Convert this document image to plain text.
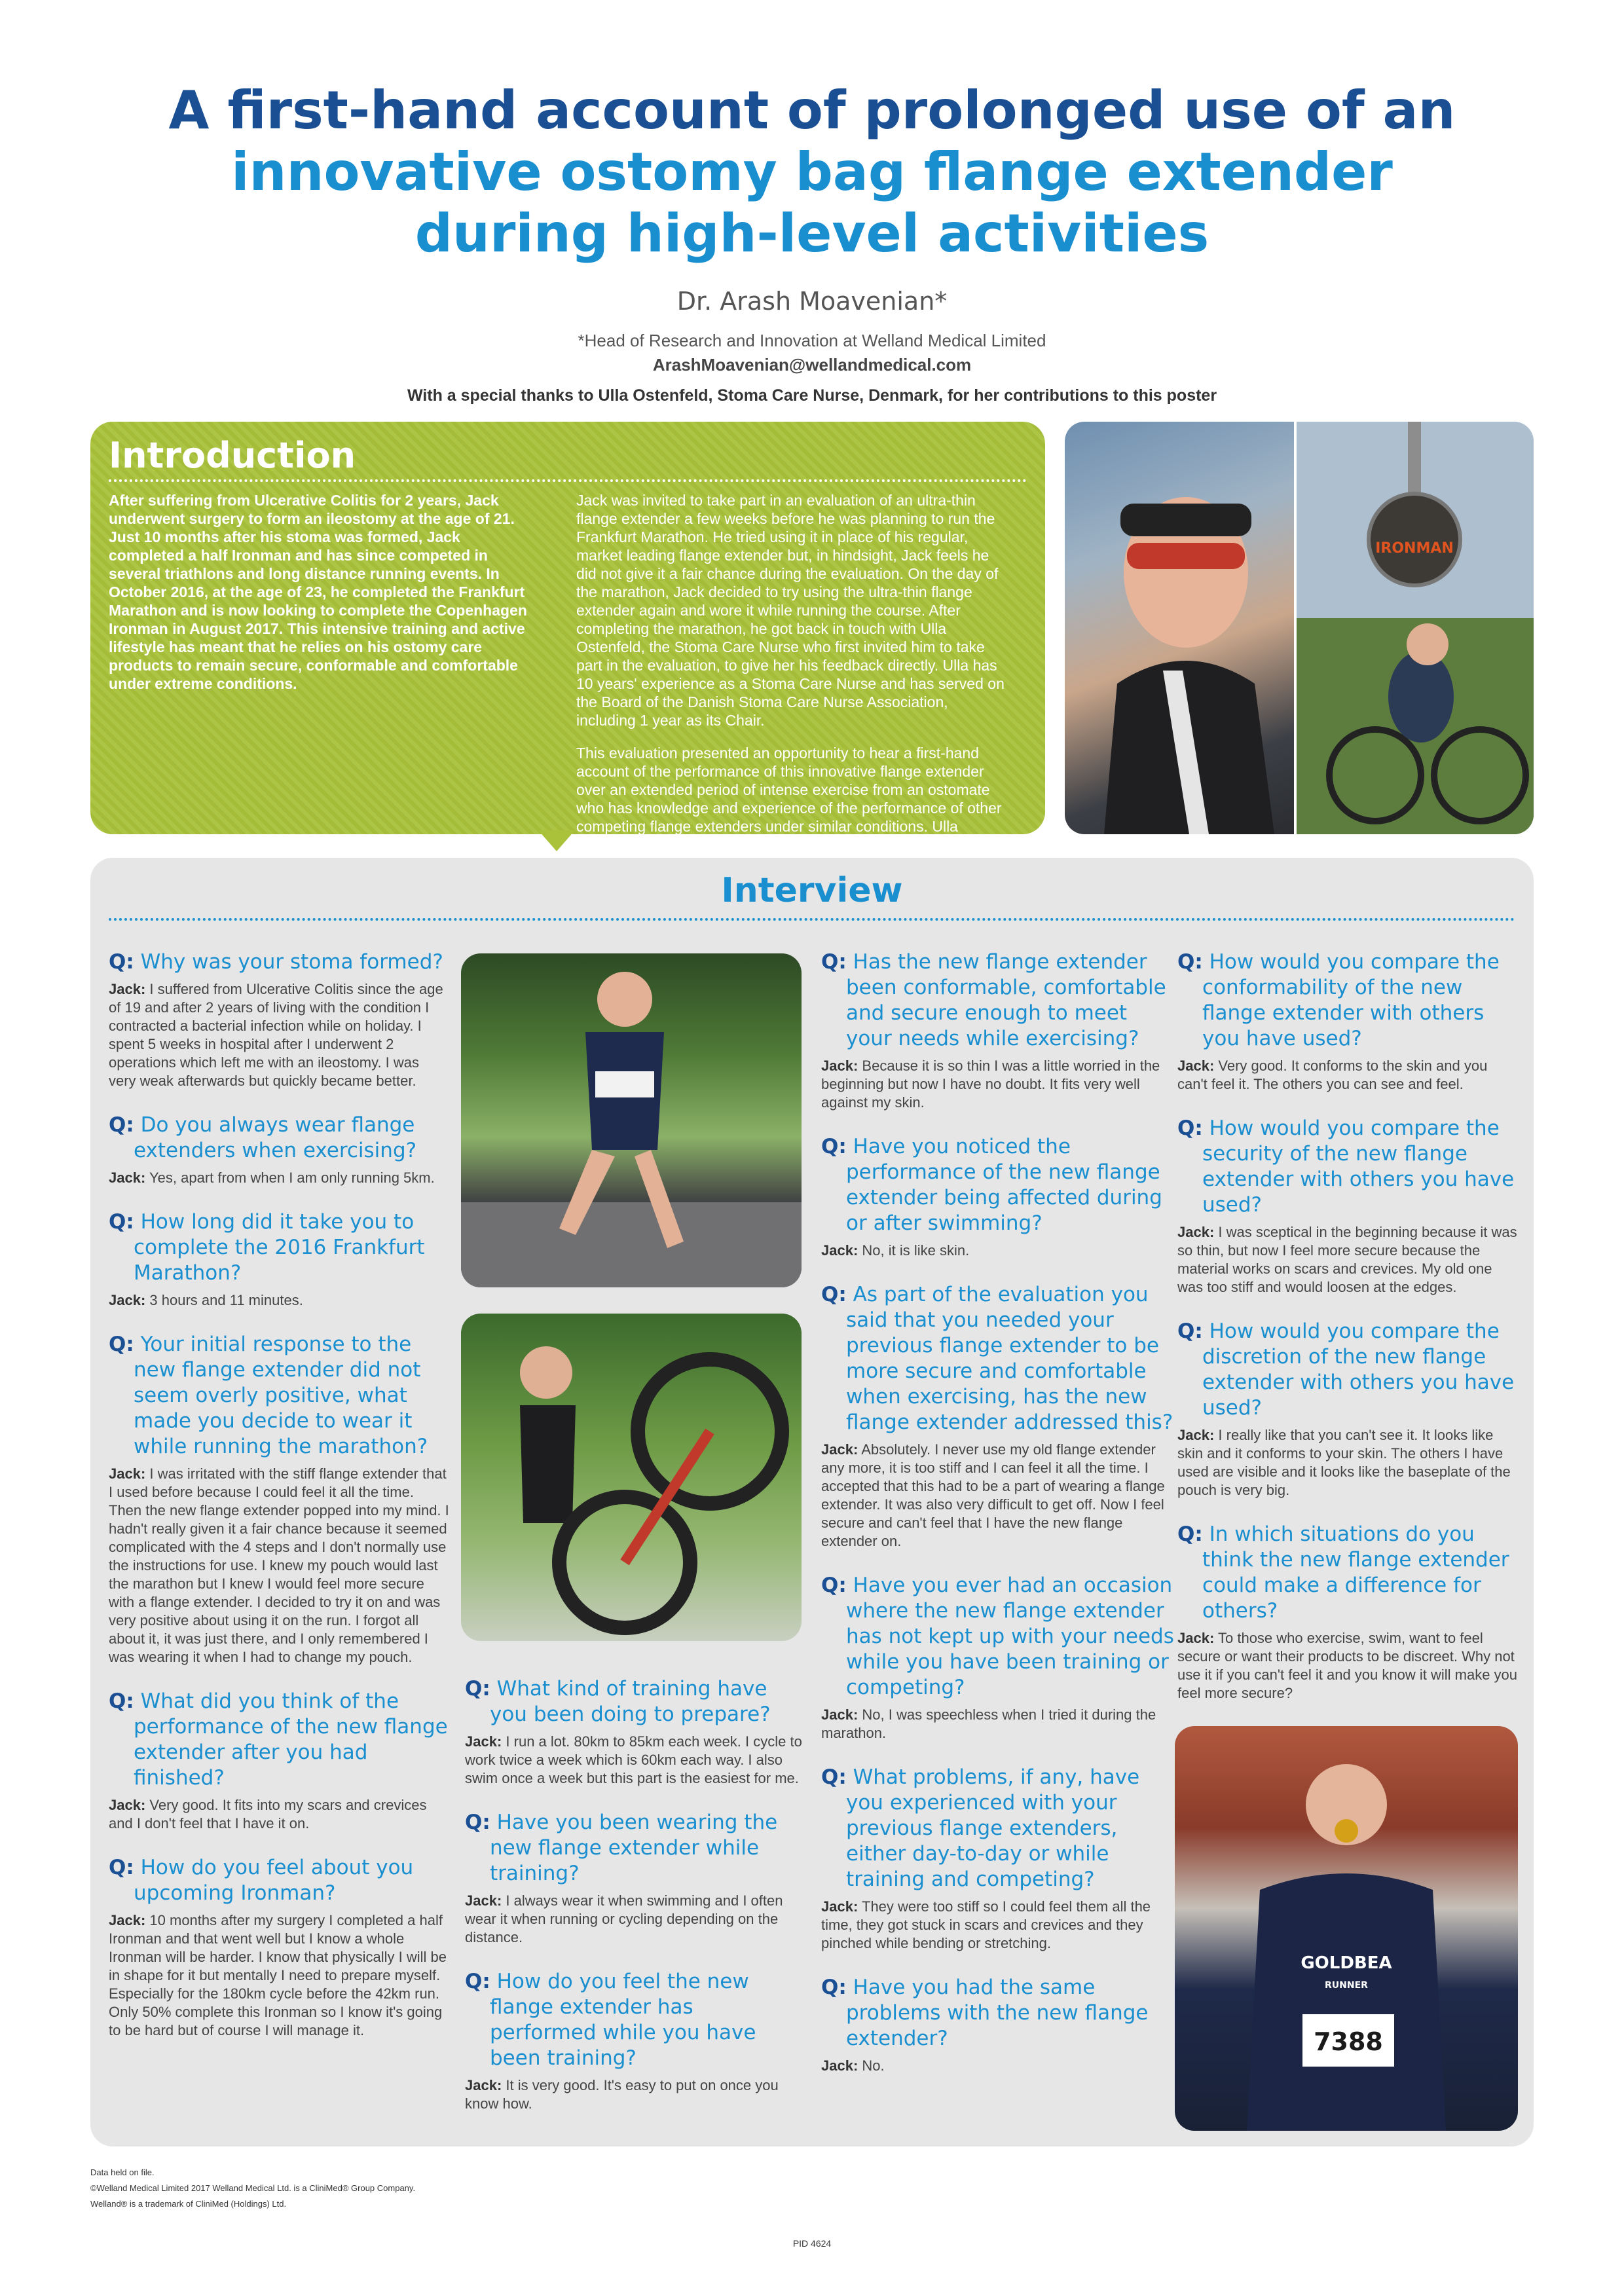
A first-hand account of prolonged use of an
innovative ostomy bag flange extender
during high-level activities
Dr. Arash Moavenian*
*Head of Research and Innovation at Welland Medical Limited
ArashMoavenian@wellandmedical.com
With a special thanks to Ulla Ostenfeld, Stoma Care Nurse, Denmark, for her contributions to this poster
Introduction

After suffering from Ulcerative Colitis for 2 years, Jack underwent surgery to form an ileostomy at the age of 21. Just 10 months after his stoma was formed, Jack completed a half Ironman and has since competed in several triathlons and long distance running events. In October 2016, at the age of 23, he completed the Frankfurt Marathon and is now looking to complete the Copenhagen Ironman in August 2017. This intensive training and active lifestyle has meant that he relies on his ostomy care products to remain secure, conformable and comfortable under extreme conditions.

Jack was invited to take part in an evaluation of an ultra-thin flange extender a few weeks before he was planning to run the Frankfurt Marathon. He tried using it in place of his regular, market leading flange extender but, in hindsight, Jack feels he did not give it a fair chance during the evaluation. On the day of the marathon, Jack decided to try using the ultra-thin flange extender again and wore it while running the course. After completing the marathon, he got back in touch with Ulla Ostenfeld, the Stoma Care Nurse who first invited him to take part in the evaluation, to give her his feedback directly. Ulla has 10 years' experience as a Stoma Care Nurse and has served on the Board of the Danish Stoma Care Nurse Association, including 1 year as its Chair.

This evaluation presented an opportunity to hear a first-hand account of the performance of this innovative flange extender over an extended period of intense exercise from an ostomate who has knowledge and experience of the performance of other competing flange extenders under similar conditions. Ulla arranged to interview Jack and find out more about his

IRONMAN
Interview

Q: Why was your stoma formed?

Jack: I suffered from Ulcerative Colitis since the age of 19 and after 2 years of living with the condition I contracted a bacterial infection while on holiday. I spent 5 weeks in hospital after I underwent 2 operations which left me with an ileostomy. I was very weak afterwards but quickly became better.

Q: Do you always wear flange extenders when exercising?

Jack: Yes, apart from when I am only running 5km.

Q: How long did it take you to complete the 2016 Frankfurt Marathon?

Jack: 3 hours and 11 minutes.

Q: Your initial response to the new flange extender did not seem overly positive, what made you decide to wear it while running the marathon?

Jack: I was irritated with the stiff flange extender that I used before because I could feel it all the time. Then the new flange extender popped into my mind. I hadn't really given it a fair chance because it seemed complicated with the 4 steps and I don't normally use the instructions for use. I knew my pouch would last the marathon but I knew I would feel more secure with a flange extender. I decided to try it on and was very positive about using it on the run. I forgot all about it, it was just there, and I only remembered I was wearing it when I had to change my pouch.

Q: What did you think of the performance of the new flange extender after you had finished?

Jack: Very good. It fits into my scars and crevices and I don't feel that I have it on.

Q: How do you feel about you upcoming Ironman?

Jack: 10 months after my surgery I completed a half Ironman and that went well but I know a whole Ironman will be harder. I know that physically I will be in shape for it but mentally I need to prepare myself. Especially for the 180km cycle before the 42km run. Only 50% complete this Ironman so I know it's going to be hard but of course I will manage it.

Q: What kind of training have you been doing to prepare?

Jack: I run a lot. 80km to 85km each week. I cycle to work twice a week which is 60km each way. I also swim once a week but this part is the easiest for me.

Q: Have you been wearing the new flange extender while training?

Jack: I always wear it when swimming and I often wear it when running or cycling depending on the distance.

Q: How do you feel the new flange extender has performed while you have been training?

Jack: It is very good. It's easy to put on once you know how.

Q: Has the new flange extender been conformable, comfortable and secure enough to meet your needs while exercising?

Jack: Because it is so thin I was a little worried in the beginning but now I have no doubt. It fits very well against my skin.

Q: Have you noticed the performance of the new flange extender being affected during or after swimming?

Jack: No, it is like skin.

Q: As part of the evaluation you said that you needed your previous flange extender to be more secure and comfortable when exercising, has the new flange extender addressed this?

Jack: Absolutely. I never use my old flange extender any more, it is too stiff and I can feel it all the time. I accepted that this had to be a part of wearing a flange extender. It was also very difficult to get off. Now I feel secure and can't feel that I have the new flange extender on.

Q: Have you ever had an occasion where the new flange extender has not kept up with your needs while you have been training or competing?

Jack: No, I was speechless when I tried it during the marathon.

Q: What problems, if any, have you experienced with your previous flange extenders, either day-to-day or while training and competing?

Jack: They were too stiff so I could feel them all the time, they got stuck in scars and crevices and they pinched while bending or stretching.

Q: Have you had the same problems with the new flange extender?

Jack: No.

Q: How would you compare the conformability of the new flange extender with others you have used?

Jack: Very good. It conforms to the skin and you can't feel it. The others you can see and feel.

Q: How would you compare the security of the new flange extender with others you have used?

Jack: I was sceptical in the beginning because it was so thin, but now I feel more secure because the material works on scars and crevices. My old one was too stiff and would loosen at the edges.

Q: How would you compare the discretion of the new flange extender with others you have used?

Jack: I really like that you can't see it. It looks like skin and it conforms to your skin. The others I have used are visible and it looks like the baseplate of the pouch is very big.

Q: In which situations do you think the new flange extender could make a difference for others?

Jack: To those who exercise, swim, want to feel secure or want their products to be discreet. Why not use it if you can't feel it and you know it will make you feel more secure?

GOLDBEA
RUNNER
7388
Data held on file.
©Welland Medical Limited 2017 Welland Medical Ltd. is a CliniMed® Group Company.
Welland® is a trademark of CliniMed (Holdings) Ltd.
PID 4624
